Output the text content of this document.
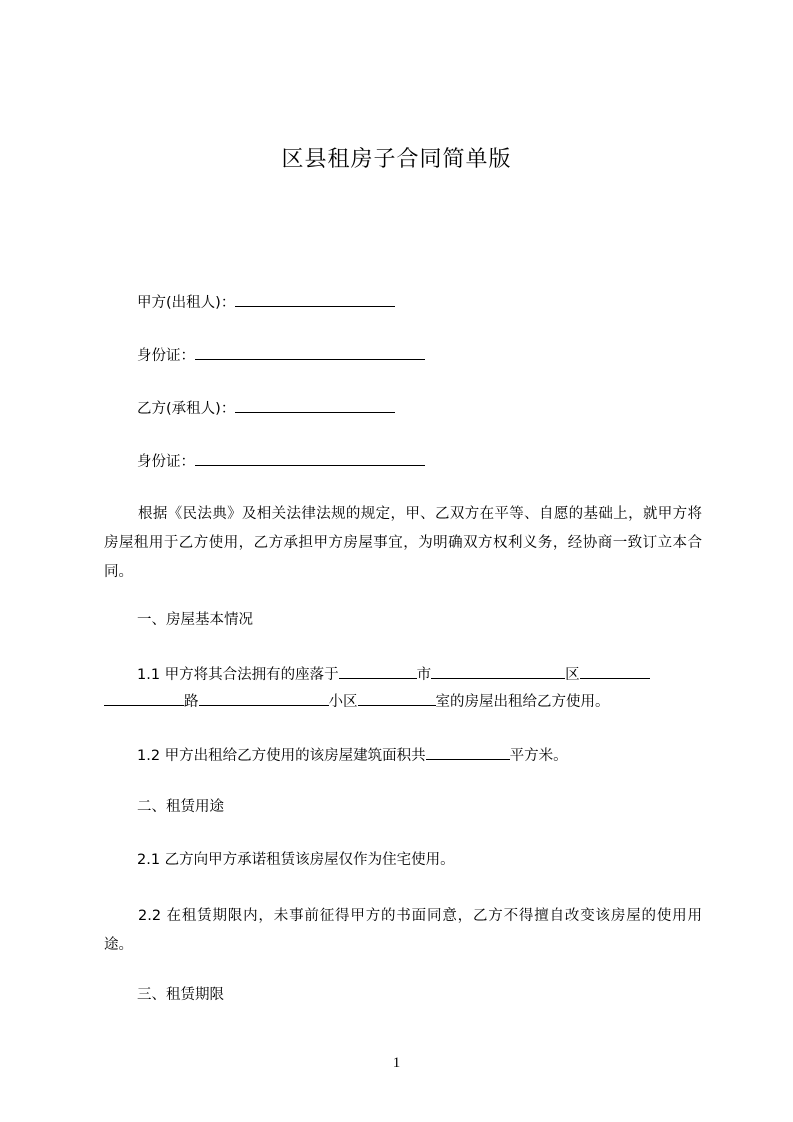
区县租房子合同简单版
甲方(出租人)：
身份证：
乙方(承租人)：
身份证：
根据《民法典》及相关法律法规的规定，甲、乙双方在平等、自愿的基础上，就甲方将房屋租用于乙方使用，乙方承担甲方房屋事宜，为明确双方权利义务，经协商一致订立本合同。
一、房屋基本情况
1.1 甲方将其合法拥有的座落于	市	区
路	小区	室的房屋出租给乙方使用。
1.2 甲方出租给乙方使用的该房屋建筑面积共	平方米。
二、租赁用途
2.1 乙方向甲方承诺租赁该房屋仅作为住宅使用。
2.2 在租赁期限内，未事前征得甲方的书面同意，乙方不得擅自改变该房屋的使用用途。
三、租赁期限
1
